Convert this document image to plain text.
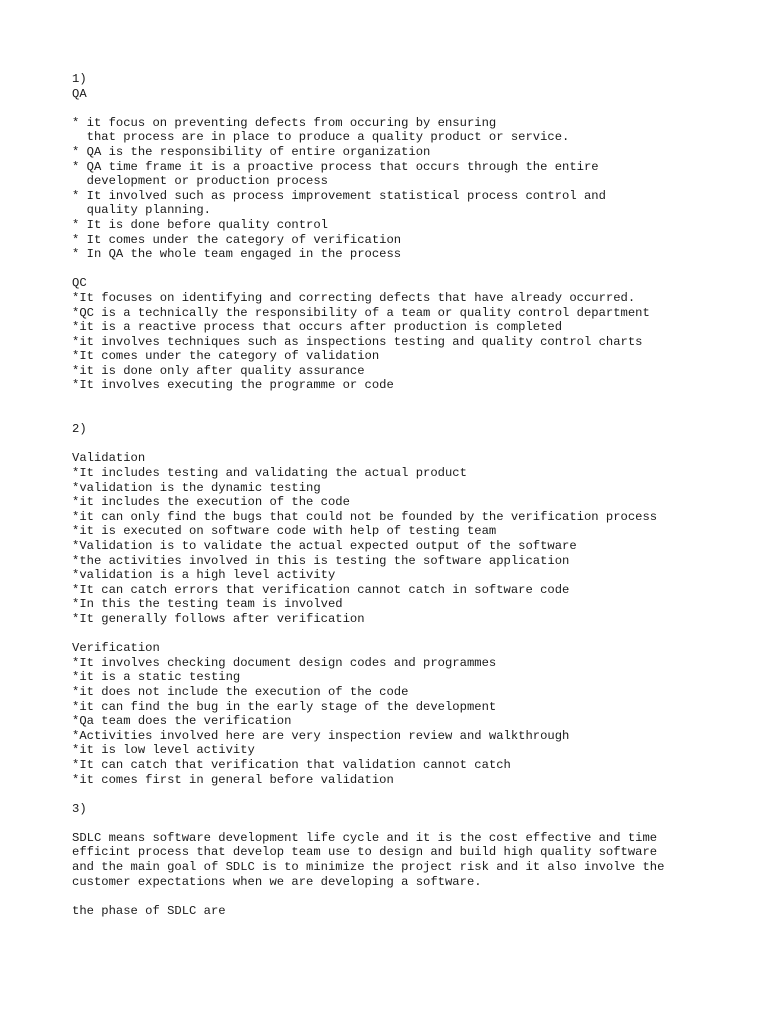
1)
QA
* it focus on preventing defects from occuring by ensuring
that process are in place to produce a quality product or service.
* QA is the responsibility of entire organization
* QA time frame it is a proactive process that occurs through the entire
development or production process
* It involved such as process improvement statistical process control and
quality planning.
* It is done before quality control
* It comes under the category of verification
* In QA the whole team engaged in the process
QC
*It focuses on identifying and correcting defects that have already occurred.
*QC is a technically the responsibility of a team or quality control department
*it is a reactive process that occurs after production is completed
*it involves techniques such as inspections testing and quality control charts
*It comes under the category of validation
*it is done only after quality assurance
*It involves executing the programme or code
2)
Validation
*It includes testing and validating the actual product
*validation is the dynamic testing
*it includes the execution of the code
*it can only find the bugs that could not be founded by the verification process
*it is executed on software code with help of testing team
*Validation is to validate the actual expected output of the software
*the activities involved in this is testing the software application
*validation is a high level activity
*It can catch errors that verification cannot catch in software code
*In this the testing team is involved
*It generally follows after verification
Verification
*It involves checking document design codes and programmes
*it is a static testing
*it does not include the execution of the code
*it can find the bug in the early stage of the development
*Qa team does the verification
*Activities involved here are very inspection review and walkthrough
*it is low level activity
*It can catch that verification that validation cannot catch
*it comes first in general before validation
3)
SDLC means software development life cycle and it is the cost effective and time
efficint process that develop team use to design and build high quality software
and the main goal of SDLC is to minimize the project risk and it also involve the
customer expectations when we are developing a software.
the phase of SDLC are
